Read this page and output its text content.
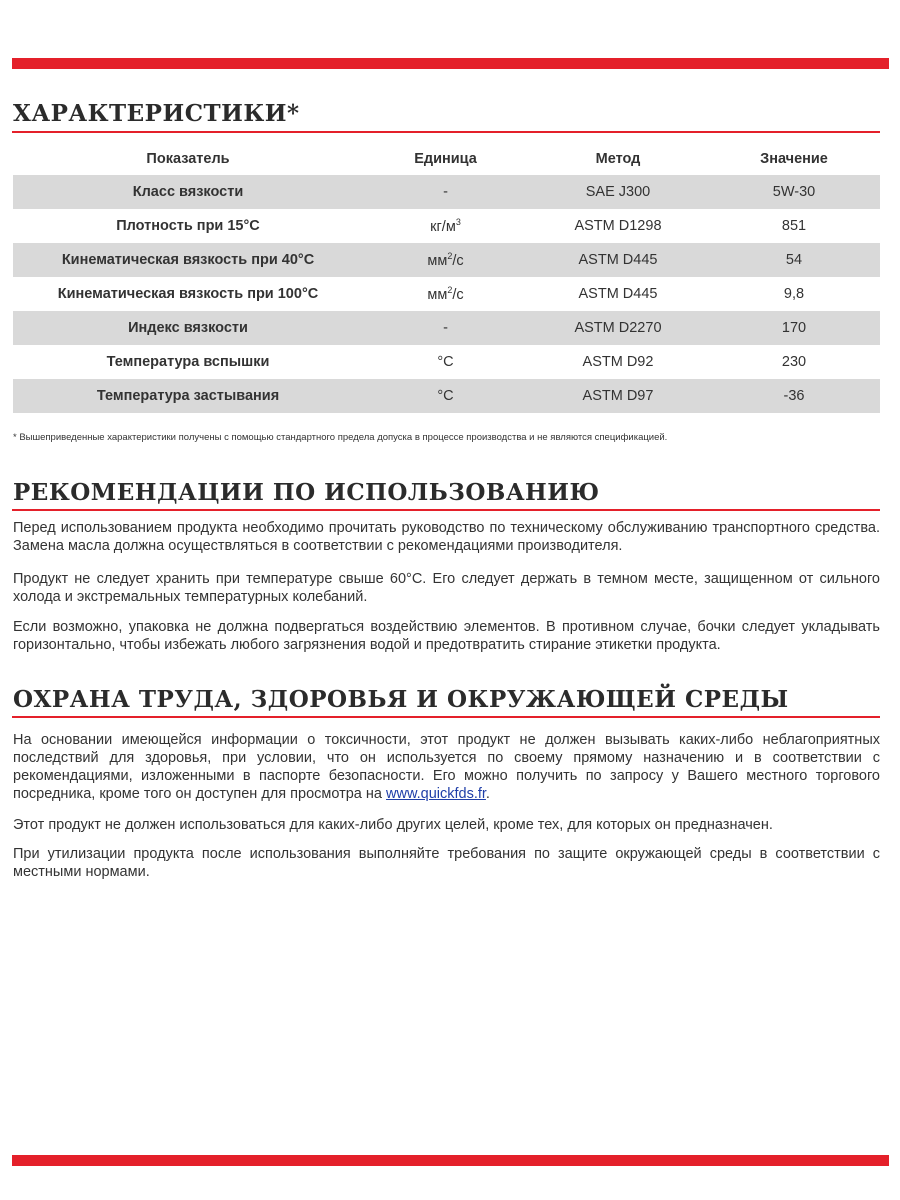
ХАРАКТЕРИСТИКИ*
Показатель	Единица	Метод	Значение
Класс вязкости	-	SAE J300	5W-30
Плотность при 15°С	$кг/м^3$	ASTM D1298	851
Кинематическая вязкость при 40°С	$мм^2/с$	ASTM D445	54
Кинематическая вязкость при 100°С	$мм^2/с$	ASTM D445	9,8
Индекс вязкости	-	ASTM D2270	170
Температура вспышки	°С	ASTM D92	230
Температура застывания	°С	ASTM D97	-36
* Вышеприведенные характеристики получены с помощью стандартного предела допуска в процессе производства и не являются спецификацией.
РЕКОМЕНДАЦИИ ПО ИСПОЛЬЗОВАНИЮ

Перед использованием продукта необходимо прочитать руководство по техническому обслуживанию транспортного средства. Замена масла должна осуществляться в соответствии с рекомендациями производителя.

Продукт не следует хранить при температуре свыше 60°С. Его следует держать в темном месте, защищенном от сильного холода и экстремальных температурных колебаний.

Если возможно, упаковка не должна подвергаться воздействию элементов. В противном случае, бочки следует укладывать горизонтально, чтобы избежать любого загрязнения водой и предотвратить стирание этикетки продукта.

ОХРАНА ТРУДА, ЗДОРОВЬЯ И ОКРУЖАЮЩЕЙ СРЕДЫ

На основании имеющейся информации о токсичности, этот продукт не должен вызывать каких-либо неблагоприятных последствий для здоровья, при условии, что он используется по своему прямому назначению и в соответствии с рекомендациями, изложенными в паспорте безопасности. Его можно получить по запросу у Вашего местного торгового посредника, кроме того он доступен для просмотра на www.quickfds.fr.

Этот продукт не должен использоваться для каких-либо других целей, кроме тех, для которых он предназначен.

При утилизации продукта после использования выполняйте требования по защите окружающей среды в соответствии с местными нормами.
